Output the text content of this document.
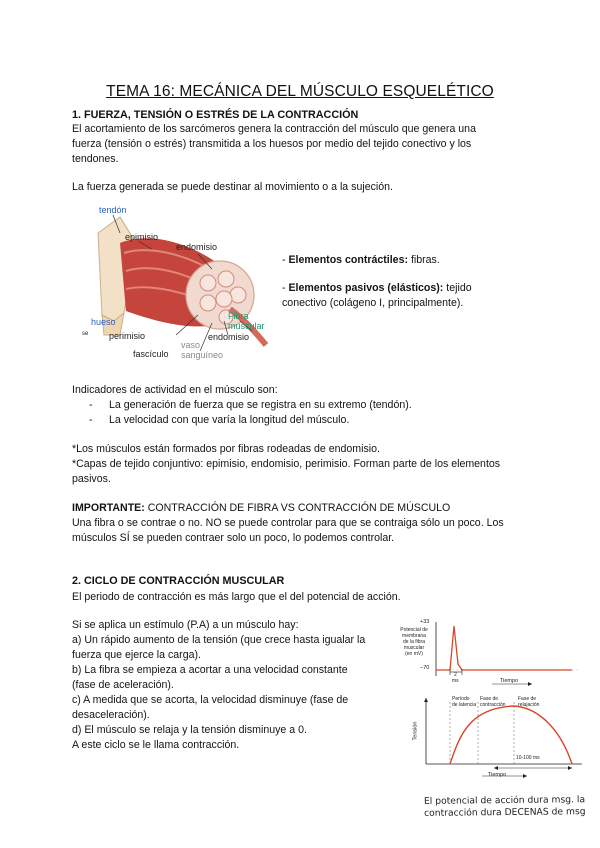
TEMA 16: MECÁNICA DEL MÚSCULO ESQUELÉTICO
1. FUERZA, TENSIÓN O ESTRÉS DE LA CONTRACCIÓN

El acortamiento de los sarcómeros genera la contracción del músculo que genera una

fuerza (tensión o estrés) transmitida a los huesos por medio del tejido conectivo y los

tendones.

La fuerza generada se puede destinar al movimiento o a la sujeción.

tendón
epimisio
endomisio
hueso
se perimisio
fascículo
vaso
sanguíneo
endomisio
Fibra
muscular

- Elementos contráctiles: fibras.

- Elementos pasivos (elásticos): tejido

conectivo (colágeno I, principalmente).

Indicadores de actividad en el músculo son:

-	La generación de fuerza que se registra en su extremo (tendón).
-	La velocidad con que varía la longitud del músculo.

*Los músculos están formados por fibras rodeadas de endomisio.

*Capas de tejido conjuntivo: epimisio, endomisio, perimisio. Forman parte de los elementos

pasivos.

IMPORTANTE: CONTRACCIÓN DE FIBRA VS CONTRACCIÓN DE MÚSCULO

Una fibra o se contrae o no. NO se puede controlar para que se contraiga sólo un poco. Los

músculos SÍ se pueden contraer solo un poco, lo podemos controlar.

2. CICLO DE CONTRACCIÓN MUSCULAR

El periodo de contracción es más largo que el del potencial de acción.

Si se aplica un estímulo (P.A) a un músculo hay:

a) Un rápido aumento de la tensión (que crece hasta igualar la

fuerza que ejerce la carga).

b) La fibra se empieza a acortar a una velocidad constante

(fase de aceleración).

c) A medida que se acorta, la velocidad disminuye (fase de

desaceleración).

d) El músculo se relaja y la tensión disminuye a 0.

A este ciclo se le llama contracción.

+33
−70
Potencial de
membrana
de la fibra
muscular
(en mV)
2
ms	Tiempo
Período
de latencia
Fase de
contracción
Fase de
relajación
Tensión
10-100 ms
Tiempo
El potencial de acción dura msg. la
contracción dura DECENAS de msg
